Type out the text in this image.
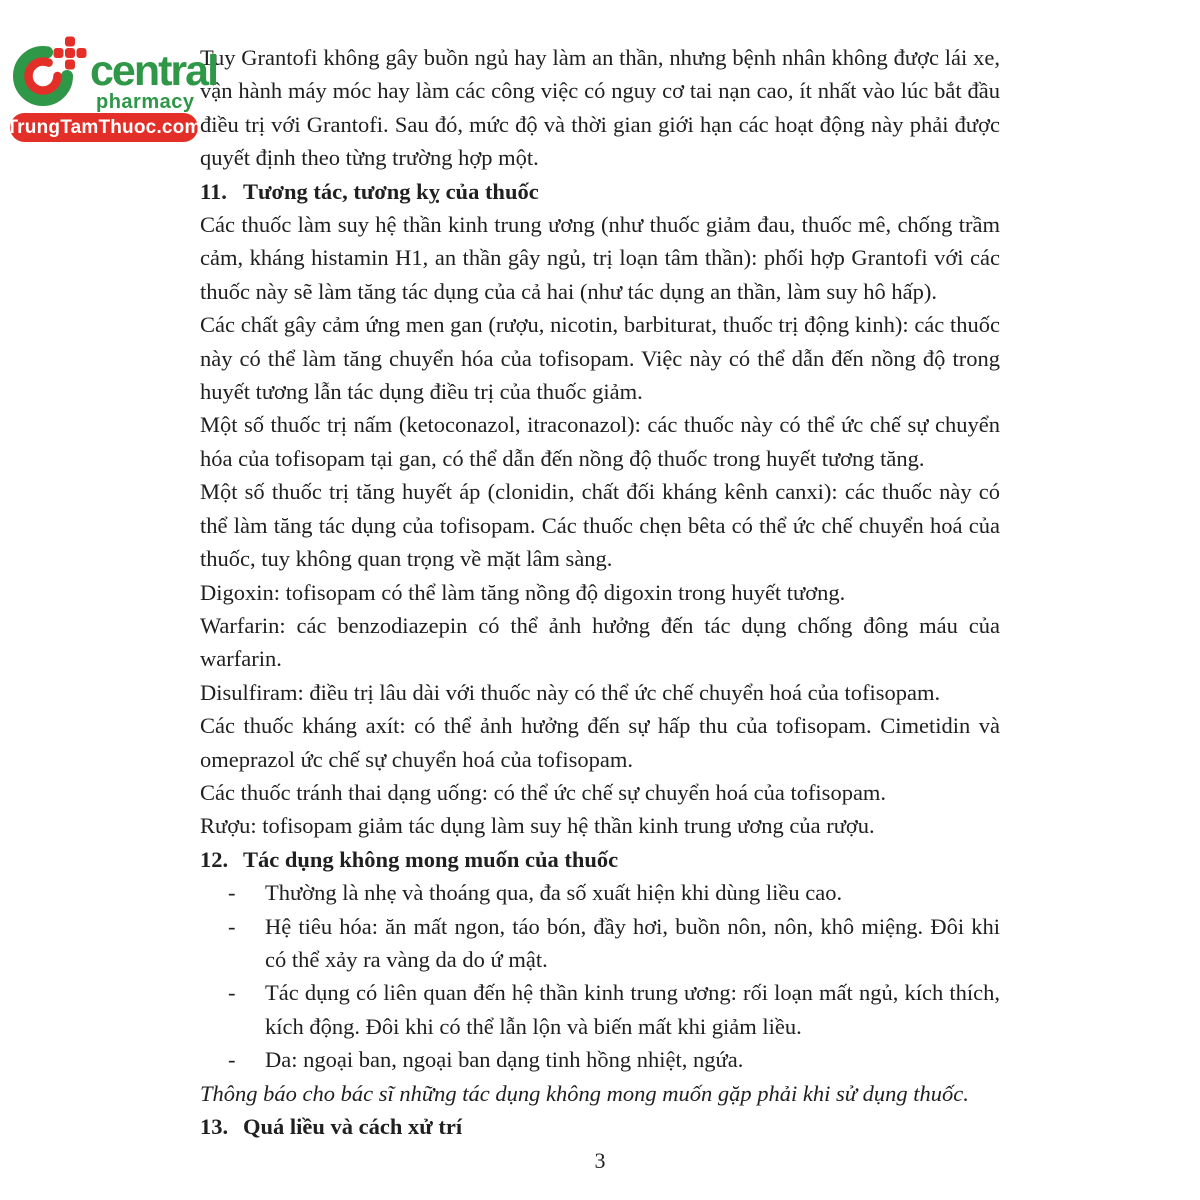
central
pharmacy
TrungTamThuoc.com

Tuy Grantofi không gây buồn ngủ hay làm an thần, nhưng bệnh nhân không được lái xe, vận hành máy móc hay làm các công việc có nguy cơ tai nạn cao, ít nhất vào lúc bắt đầu điều trị với Grantofi. Sau đó, mức độ và thời gian giới hạn các hoạt động này phải được quyết định theo từng trường hợp một.

11. Tương tác, tương kỵ của thuốc

Các thuốc làm suy hệ thần kinh trung ương (như thuốc giảm đau, thuốc mê, chống trầm cảm, kháng histamin H1, an thần gây ngủ, trị loạn tâm thần): phối hợp Grantofi với các thuốc này sẽ làm tăng tác dụng của cả hai (như tác dụng an thần, làm suy hô hấp).

Các chất gây cảm ứng men gan (rượu, nicotin, barbiturat, thuốc trị động kinh): các thuốc này có thể làm tăng chuyển hóa của tofisopam. Việc này có thể dẫn đến nồng độ trong huyết tương lẫn tác dụng điều trị của thuốc giảm.

Một số thuốc trị nấm (ketoconazol, itraconazol): các thuốc này có thể ức chế sự chuyển hóa của tofisopam tại gan, có thể dẫn đến nồng độ thuốc trong huyết tương tăng.

Một số thuốc trị tăng huyết áp (clonidin, chất đối kháng kênh canxi): các thuốc này có thể làm tăng tác dụng của tofisopam. Các thuốc chẹn bêta có thể ức chế chuyển hoá của thuốc, tuy không quan trọng về mặt lâm sàng.

Digoxin: tofisopam có thể làm tăng nồng độ digoxin trong huyết tương.

Warfarin: các benzodiazepin có thể ảnh hưởng đến tác dụng chống đông máu của warfarin.

Disulfiram: điều trị lâu dài với thuốc này có thể ức chế chuyển hoá của tofisopam.

Các thuốc kháng axít: có thể ảnh hưởng đến sự hấp thu của tofisopam. Cimetidin và omeprazol ức chế sự chuyển hoá của tofisopam.

Các thuốc tránh thai dạng uống: có thể ức chế sự chuyển hoá của tofisopam.

Rượu: tofisopam giảm tác dụng làm suy hệ thần kinh trung ương của rượu.

12. Tác dụng không mong muốn của thuốc

-	Thường là nhẹ và thoáng qua, đa số xuất hiện khi dùng liều cao.
-	Hệ tiêu hóa: ăn mất ngon, táo bón, đầy hơi, buồn nôn, nôn, khô miệng. Đôi khi có thể xảy ra vàng da do ứ mật.
-	Tác dụng có liên quan đến hệ thần kinh trung ương: rối loạn mất ngủ, kích thích, kích động. Đôi khi có thể lẫn lộn và biến mất khi giảm liều.
-	Da: ngoại ban, ngoại ban dạng tinh hồng nhiệt, ngứa.

Thông báo cho bác sĩ những tác dụng không mong muốn gặp phải khi sử dụng thuốc.

13. Quá liều và cách xử trí

3
